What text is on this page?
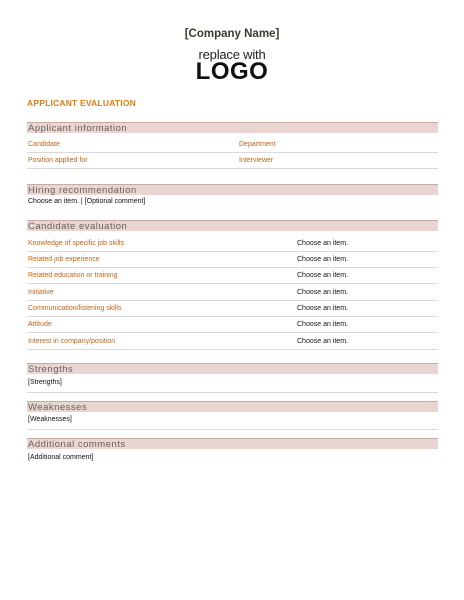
[Company Name]
replace with
LOGO
APPLICANT EVALUATION
Applicant information
Candidate	Department
Position applied for	Interviewer
Hiring recommendation
Choose an item. | [Optional comment]
Candidate evaluation
Knowledge of specific job skills	Choose an item.
Related job experience	Choose an item.
Related education or training	Choose an item.
Initiative	Choose an item.
Communication/listening skills	Choose an item.
Attitude	Choose an item.
Interest in company/position	Choose an item.
Strengths
[Strengths]
Weaknesses
[Weaknesses]
Additional comments
[Additional comment]
